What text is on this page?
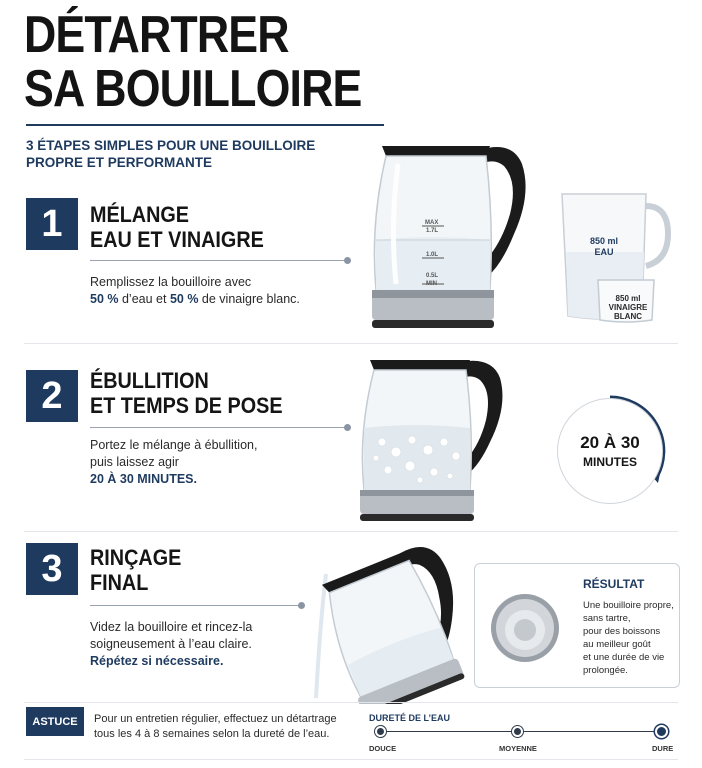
DÉTARTRER
SA BOUILLOIRE
3 ÉTAPES SIMPLES POUR UNE BOUILLOIRE PROPRE ET PERFORMANTE
1	MÉLANGE
EAU ET VINAIGRE
Remplissez la bouilloire avec
50 % d’eau et 50 % de vinaigre blanc.
MAX
1.7L
1.0L
0.5L
MIN
850 ml
EAU
850 ml
VINAIGRE
BLANC
2	ÉBULLITION
ET TEMPS DE POSE
Portez le mélange à ébullition,
puis laissez agir
20 À 30 MINUTES.
20 À 30
MINUTES
3	RINÇAGE
FINAL
Videz la bouilloire et rincez-la
soigneusement à l’eau claire.
Répétez si nécessaire.
RÉSULTAT
Une bouilloire propre,
sans tartre,
pour des boissons
au meilleur goût
et une durée de vie
prolongée.
ASTUCE	Pour un entretien régulier, effectuez un détartrage tous les 4 à 8 semaines selon la dureté de l’eau.
DURETÉ DE L’EAU
DOUCE	MOYENNE	DURE
